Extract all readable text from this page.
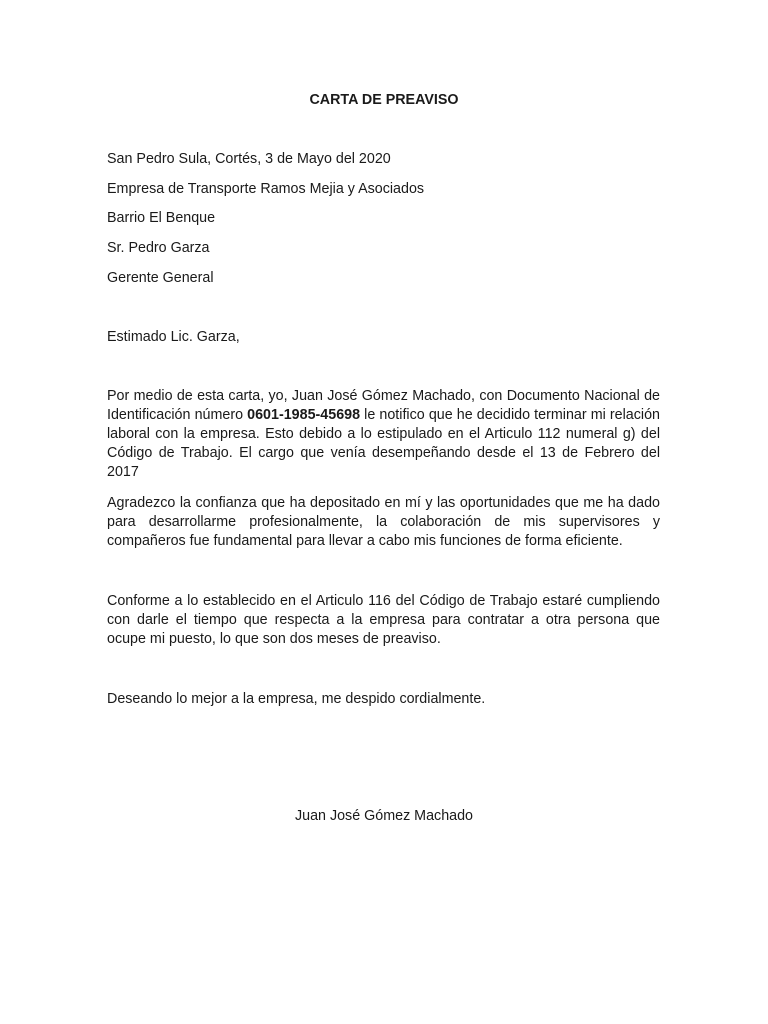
CARTA DE PREAVISO

San Pedro Sula, Cortés, 3 de Mayo del 2020

Empresa de Transporte Ramos Mejia y Asociados

Barrio El Benque

Sr. Pedro Garza

Gerente General

Estimado Lic. Garza,

Por medio de esta carta, yo, Juan José Gómez Machado, con Documento Nacional de Identificación número 0601-1985-45698 le notifico que he decidido terminar mi relación laboral con la empresa. Esto debido a lo estipulado en el Articulo 112 numeral g) del Código de Trabajo. El cargo que venía desempeñando desde el 13 de Febrero del 2017

Agradezco la confianza que ha depositado en mí y las oportunidades que me ha dado para desarrollarme profesionalmente, la colaboración de mis supervisores y compañeros fue fundamental para llevar a cabo mis funciones de forma eficiente.

Conforme a lo establecido en el Articulo 116 del Código de Trabajo estaré cumpliendo con darle el tiempo que respecta a la empresa para contratar a otra persona que ocupe mi puesto, lo que son dos meses de preaviso.

Deseando lo mejor a la empresa, me despido cordialmente.

Juan José Gómez Machado
